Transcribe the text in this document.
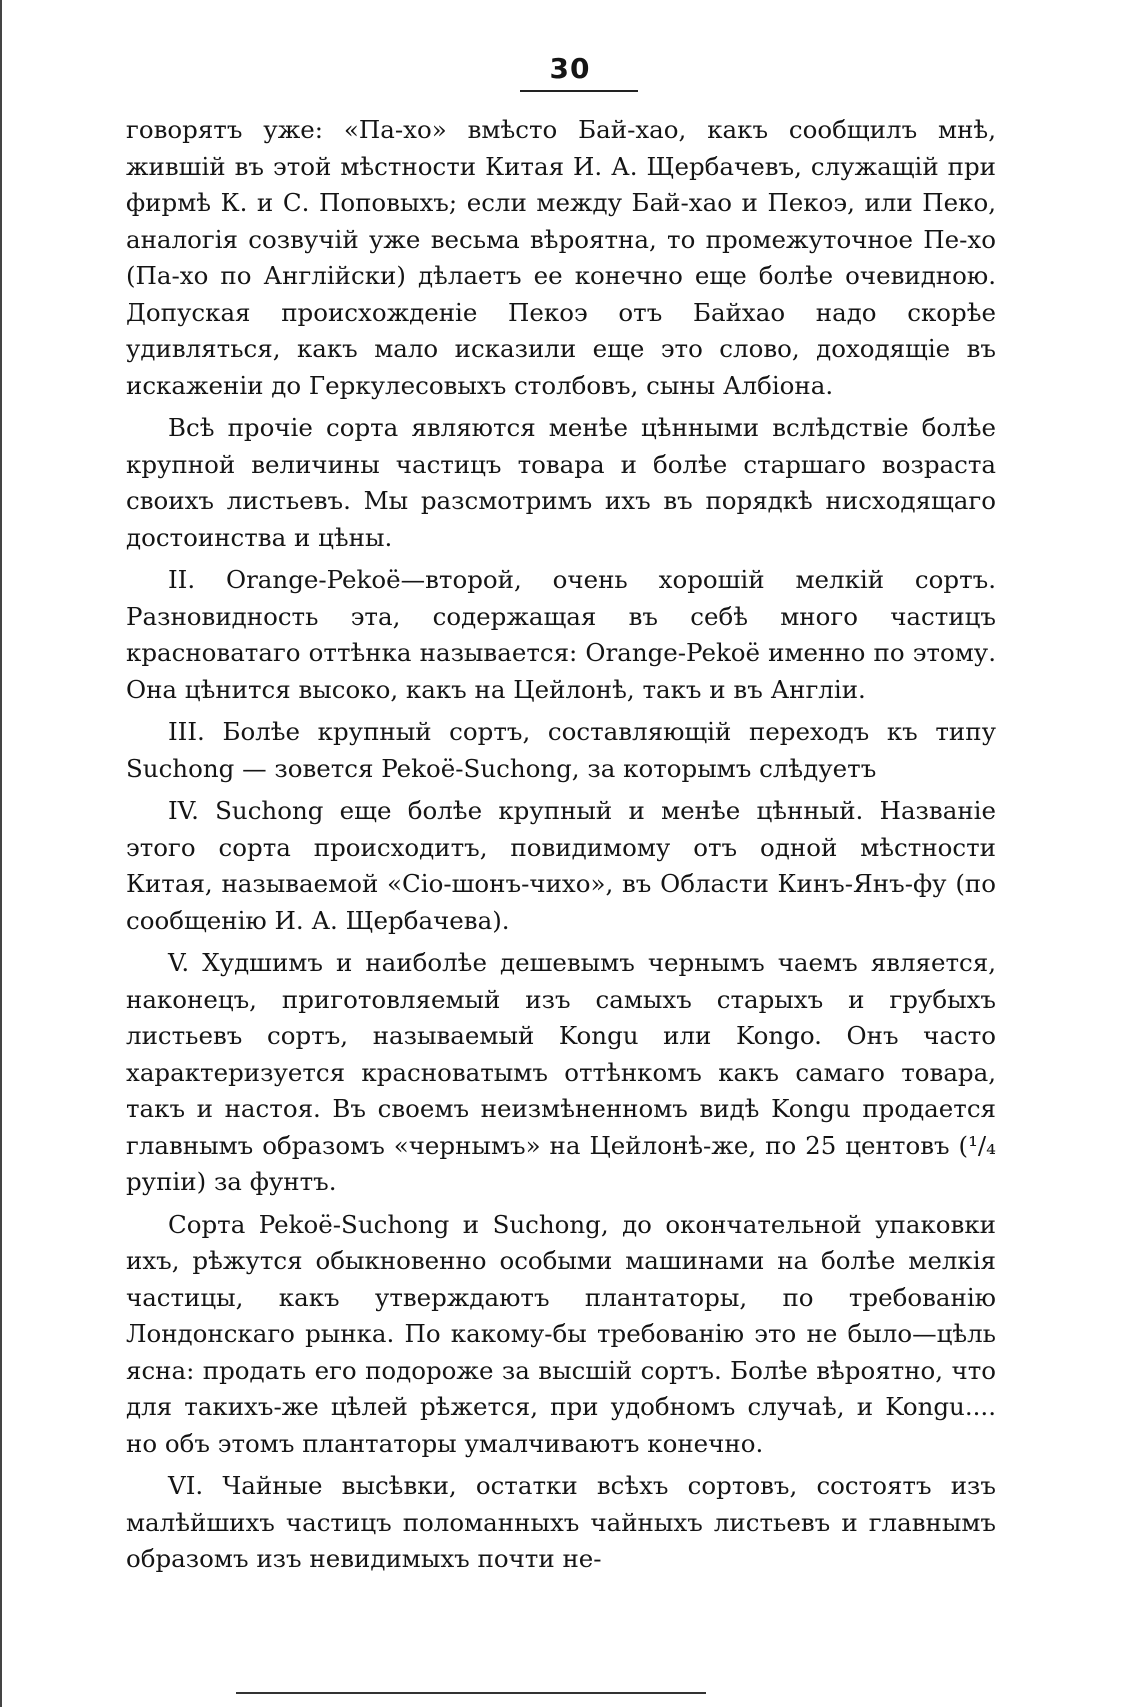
30

говорятъ уже: «Па-хо» вмѣсто Бай-хао, какъ сообщилъ мнѣ, жившій въ этой мѣстности Китая И. А. Щербачевъ, служащій при фирмѣ К. и С. Поповыхъ; если между Бай-хао и Пекоэ, или Пеко, аналогія созвучій уже весьма вѣроятна, то промежуточное Пе-хо (Па-хо по Англійски) дѣлаетъ ее конечно еще болѣе очевидною. Допуская происхожденіе Пекоэ отъ Байхао надо скорѣе удивляться, какъ мало исказили еще это слово, доходящіе въ искаженіи до Геркулесовыхъ столбовъ, сыны Албіона.

Всѣ прочіе сорта являются менѣе цѣнными вслѣдствіе болѣе крупной величины частицъ товара и болѣе старшаго возраста своихъ листьевъ. Мы разсмотримъ ихъ въ порядкѣ нисходящаго достоинства и цѣны.

II. Orange-Pekoë—второй, очень хорошій мелкій сортъ. Разновидность эта, содержащая въ себѣ много частицъ красноватаго оттѣнка называется: Orange-Pekoë именно по этому. Она цѣнится высоко, какъ на Цейлонѣ, такъ и въ Англіи.

III. Болѣе крупный сортъ, составляющій переходъ къ типу Suchong — зовется Pekoë-Suchong, за которымъ слѣдуетъ

IV. Suchong еще болѣе крупный и менѣе цѣнный. Названіе этого сорта происходитъ, повидимому отъ одной мѣстности Китая, называемой «Сіо-шонъ-чихо», въ Области Кинъ-Янъ-фу (по сообщенію И. А. Щербачева).

V. Худшимъ и наиболѣе дешевымъ чернымъ чаемъ является, наконецъ, приготовляемый изъ самыхъ старыхъ и грубыхъ листьевъ сортъ, называемый Kongu или Kongo. Онъ часто характеризуется красноватымъ оттѣнкомъ какъ самаго товара, такъ и настоя. Въ своемъ неизмѣненномъ видѣ Kongu продается главнымъ образомъ «чернымъ» на Цейлонѣ-же, по 25 центовъ (¹/₄ рупіи) за фунтъ.

Сорта Pekoë-Suchong и Suchong, до окончательной упаковки ихъ, рѣжутся обыкновенно особыми машинами на болѣе мелкія частицы, какъ утверждаютъ плантаторы, по требованію Лондонскаго рынка. По какому-бы требованію это не было—цѣль ясна: продать его подороже за высшій сортъ. Болѣе вѣроятно, что для такихъ-же цѣлей рѣжется, при удобномъ случаѣ, и Kongu.... но объ этомъ плантаторы умалчиваютъ конечно.

VI. Чайные высѣвки, остатки всѣхъ сортовъ, состоятъ изъ малѣйшихъ частицъ поломанныхъ чайныхъ листьевъ и главнымъ образомъ изъ невидимыхъ почти не-
